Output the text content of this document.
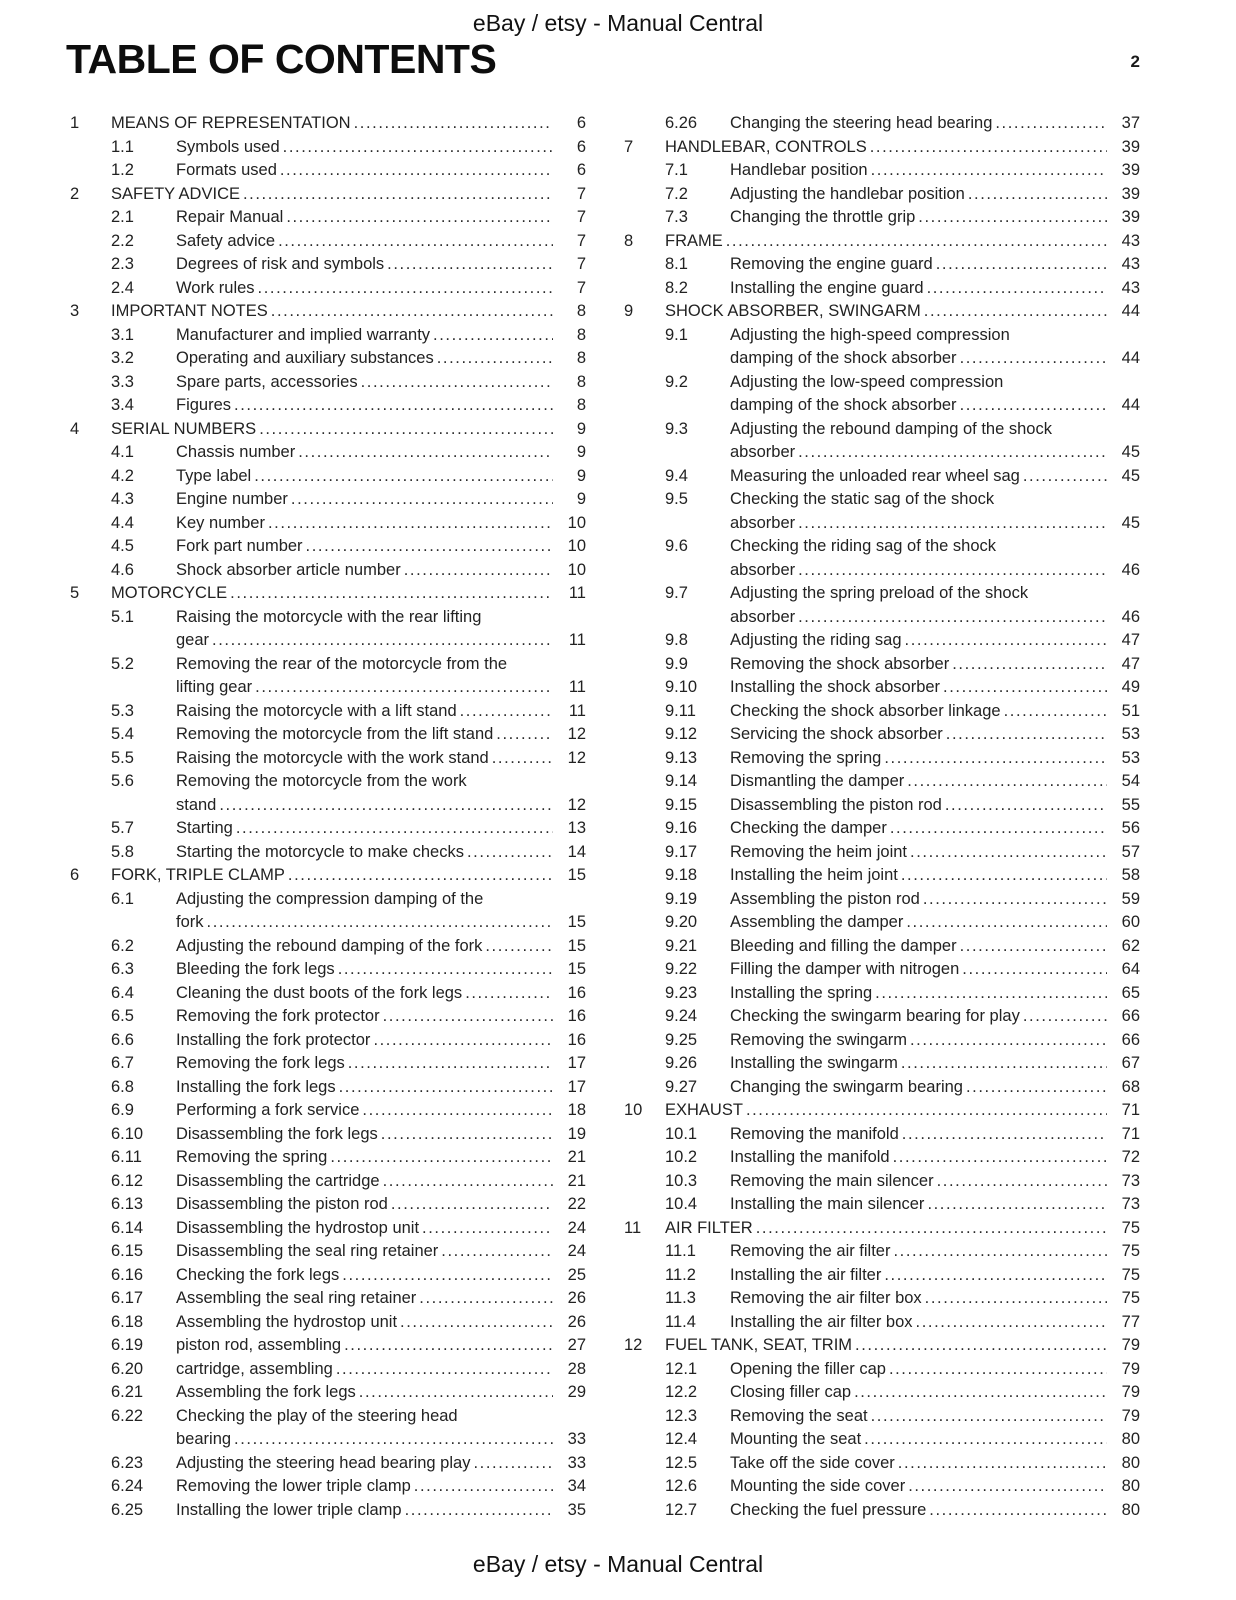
eBay / etsy - Manual Central
TABLE OF CONTENTS	2
1	MEANS OF REPRESENTATION .....	6
1.1	Symbols used .....	6
1.2	Formats used .....	6
2	SAFETY ADVICE .....	7
2.1	Repair Manual .....	7
2.2	Safety advice .....	7
2.3	Degrees of risk and symbols .....	7
2.4	Work rules .....	7
3	IMPORTANT NOTES .....	8
3.1	Manufacturer and implied warranty .....	8
3.2	Operating and auxiliary substances .....	8
3.3	Spare parts, accessories .....	8
3.4	Figures .....	8
4	SERIAL NUMBERS .....	9
4.1	Chassis number .....	9
4.2	Type label .....	9
4.3	Engine number .....	9
4.4	Key number .....	10
4.5	Fork part number .....	10
4.6	Shock absorber article number .....	10
5	MOTORCYCLE .....	11
5.1	Raising the motorcycle with the rear lifting
gear .....	11
5.2	Removing the rear of the motorcycle from the
lifting gear .....	11
5.3	Raising the motorcycle with a lift stand .....	11
5.4	Removing the motorcycle from the lift stand .....	12
5.5	Raising the motorcycle with the work stand .....	12
5.6	Removing the motorcycle from the work
stand .....	12
5.7	Starting .....	13
5.8	Starting the motorcycle to make checks .....	14
6	FORK, TRIPLE CLAMP .....	15
6.1	Adjusting the compression damping of the
fork .....	15
6.2	Adjusting the rebound damping of the fork .....	15
6.3	Bleeding the fork legs .....	15
6.4	Cleaning the dust boots of the fork legs .....	16
6.5	Removing the fork protector .....	16
6.6	Installing the fork protector .....	16
6.7	Removing the fork legs .....	17
6.8	Installing the fork legs .....	17
6.9	Performing a fork service .....	18
6.10	Disassembling the fork legs .....	19
6.11	Removing the spring .....	21
6.12	Disassembling the cartridge .....	21
6.13	Disassembling the piston rod .....	22
6.14	Disassembling the hydrostop unit .....	24
6.15	Disassembling the seal ring retainer .....	24
6.16	Checking the fork legs .....	25
6.17	Assembling the seal ring retainer .....	26
6.18	Assembling the hydrostop unit .....	26
6.19	piston rod, assembling .....	27
6.20	cartridge, assembling .....	28
6.21	Assembling the fork legs .....	29
6.22	Checking the play of the steering head
bearing .....	33
6.23	Adjusting the steering head bearing play .....	33
6.24	Removing the lower triple clamp .....	34
6.25	Installing the lower triple clamp .....	35
6.26	Changing the steering head bearing .....	37
7	HANDLEBAR, CONTROLS .....	39
7.1	Handlebar position .....	39
7.2	Adjusting the handlebar position .....	39
7.3	Changing the throttle grip .....	39
8	FRAME .....	43
8.1	Removing the engine guard .....	43
8.2	Installing the engine guard .....	43
9	SHOCK ABSORBER, SWINGARM .....	44
9.1	Adjusting the high-speed compression
damping of the shock absorber .....	44
9.2	Adjusting the low-speed compression
damping of the shock absorber .....	44
9.3	Adjusting the rebound damping of the shock
absorber .....	45
9.4	Measuring the unloaded rear wheel sag .....	45
9.5	Checking the static sag of the shock
absorber .....	45
9.6	Checking the riding sag of the shock
absorber .....	46
9.7	Adjusting the spring preload of the shock
absorber .....	46
9.8	Adjusting the riding sag .....	47
9.9	Removing the shock absorber .....	47
9.10	Installing the shock absorber .....	49
9.11	Checking the shock absorber linkage .....	51
9.12	Servicing the shock absorber .....	53
9.13	Removing the spring .....	53
9.14	Dismantling the damper .....	54
9.15	Disassembling the piston rod .....	55
9.16	Checking the damper .....	56
9.17	Removing the heim joint .....	57
9.18	Installing the heim joint .....	58
9.19	Assembling the piston rod .....	59
9.20	Assembling the damper .....	60
9.21	Bleeding and filling the damper .....	62
9.22	Filling the damper with nitrogen .....	64
9.23	Installing the spring .....	65
9.24	Checking the swingarm bearing for play .....	66
9.25	Removing the swingarm .....	66
9.26	Installing the swingarm .....	67
9.27	Changing the swingarm bearing .....	68
10	EXHAUST .....	71
10.1	Removing the manifold .....	71
10.2	Installing the manifold .....	72
10.3	Removing the main silencer .....	73
10.4	Installing the main silencer .....	73
11	AIR FILTER .....	75
11.1	Removing the air filter .....	75
11.2	Installing the air filter .....	75
11.3	Removing the air filter box .....	75
11.4	Installing the air filter box .....	77
12	FUEL TANK, SEAT, TRIM .....	79
12.1	Opening the filler cap .....	79
12.2	Closing filler cap .....	79
12.3	Removing the seat .....	79
12.4	Mounting the seat .....	80
12.5	Take off the side cover .....	80
12.6	Mounting the side cover .....	80
12.7	Checking the fuel pressure .....	80
eBay / etsy - Manual Central
